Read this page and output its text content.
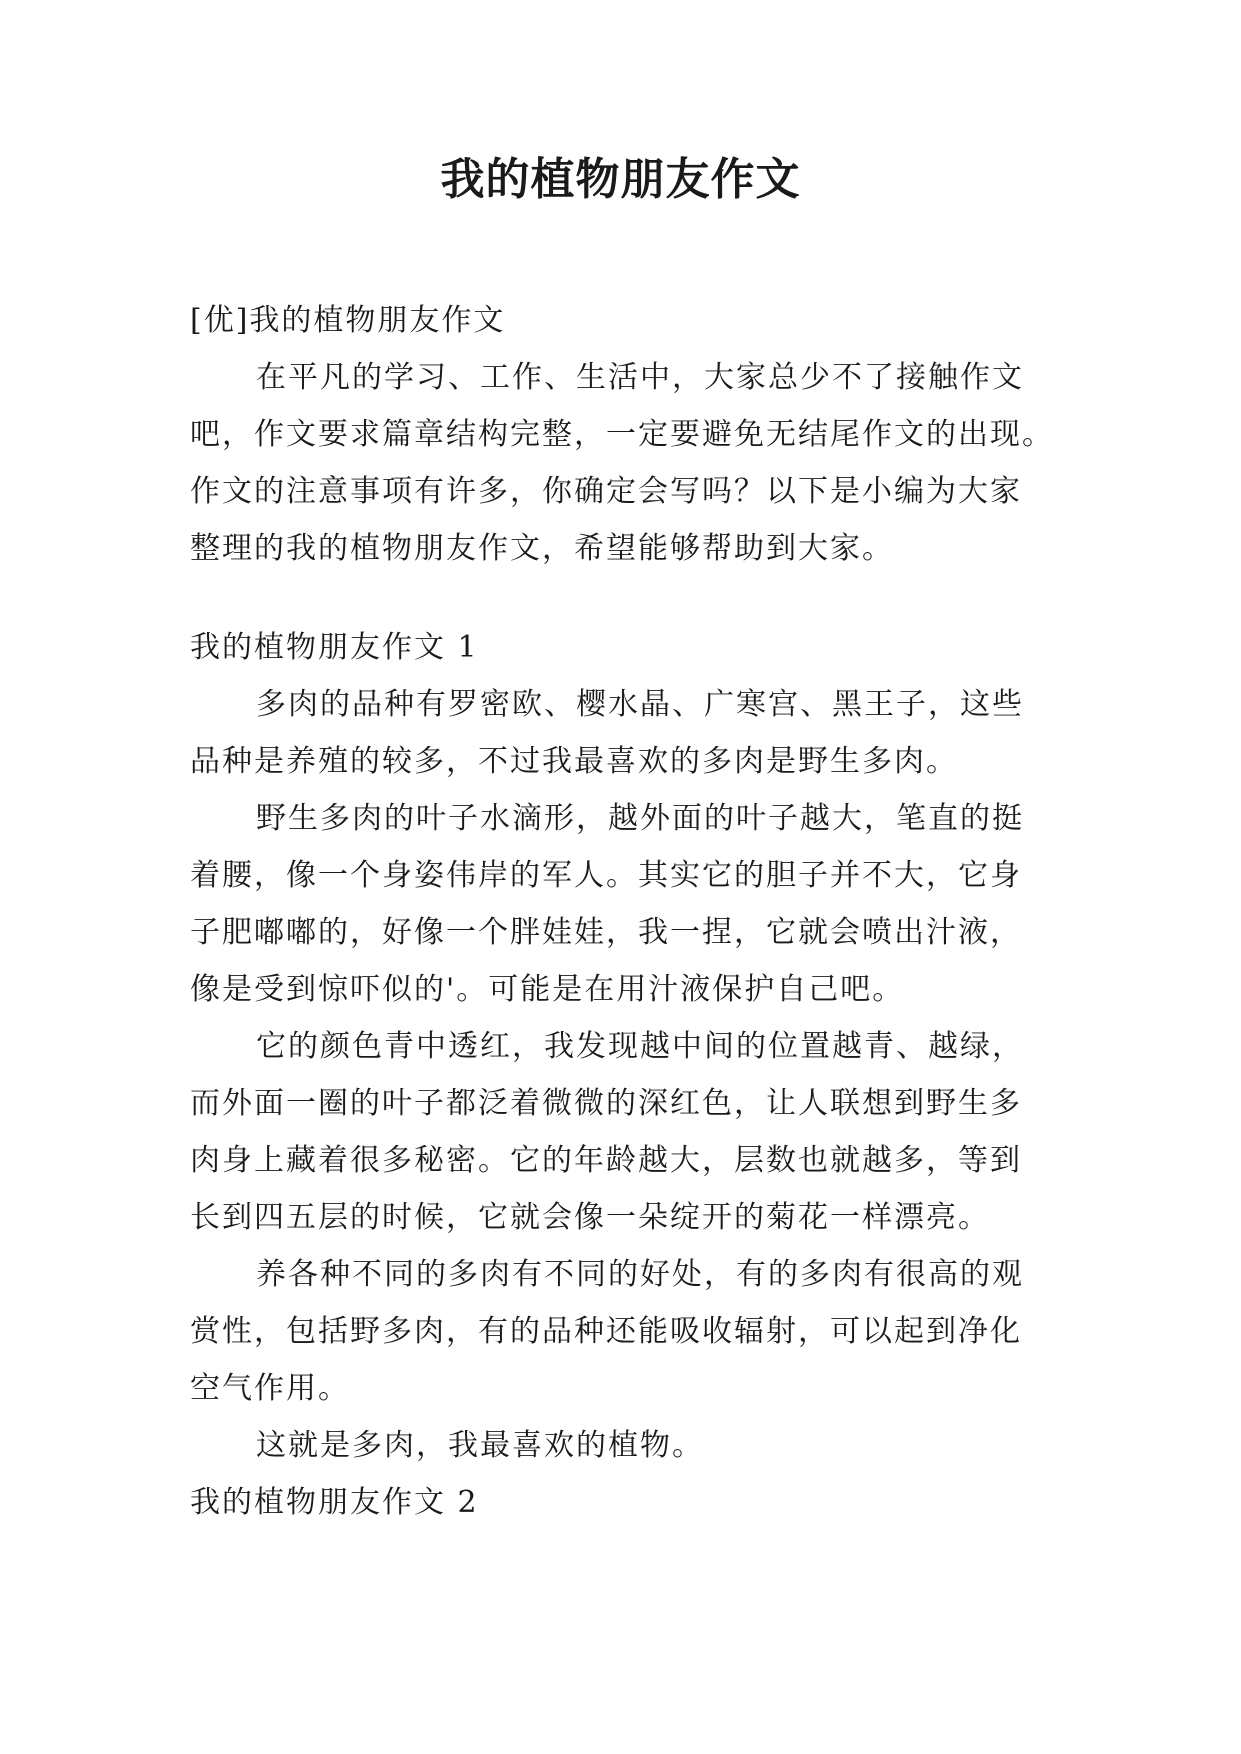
我的植物朋友作文

[优]我的植物朋友作文

在平凡的学习、工作、生活中，大家总少不了接触作文

吧，作文要求篇章结构完整，一定要避免无结尾作文的出现。

作文的注意事项有许多，你确定会写吗？以下是小编为大家

整理的我的植物朋友作文，希望能够帮助到大家。

我的植物朋友作文 1

多肉的品种有罗密欧、樱水晶、广寒宫、黑王子，这些

品种是养殖的较多，不过我最喜欢的多肉是野生多肉。

野生多肉的叶子水滴形，越外面的叶子越大，笔直的挺

着腰，像一个身姿伟岸的军人。其实它的胆子并不大，它身

子肥嘟嘟的，好像一个胖娃娃，我一捏，它就会喷出汁液，

像是受到惊吓似的'。可能是在用汁液保护自己吧。

它的颜色青中透红，我发现越中间的位置越青、越绿，

而外面一圈的叶子都泛着微微的深红色，让人联想到野生多

肉身上藏着很多秘密。它的年龄越大，层数也就越多，等到

长到四五层的时候，它就会像一朵绽开的菊花一样漂亮。

养各种不同的多肉有不同的好处，有的多肉有很高的观

赏性，包括野多肉，有的品种还能吸收辐射，可以起到净化

空气作用。

这就是多肉，我最喜欢的植物。

我的植物朋友作文 2
